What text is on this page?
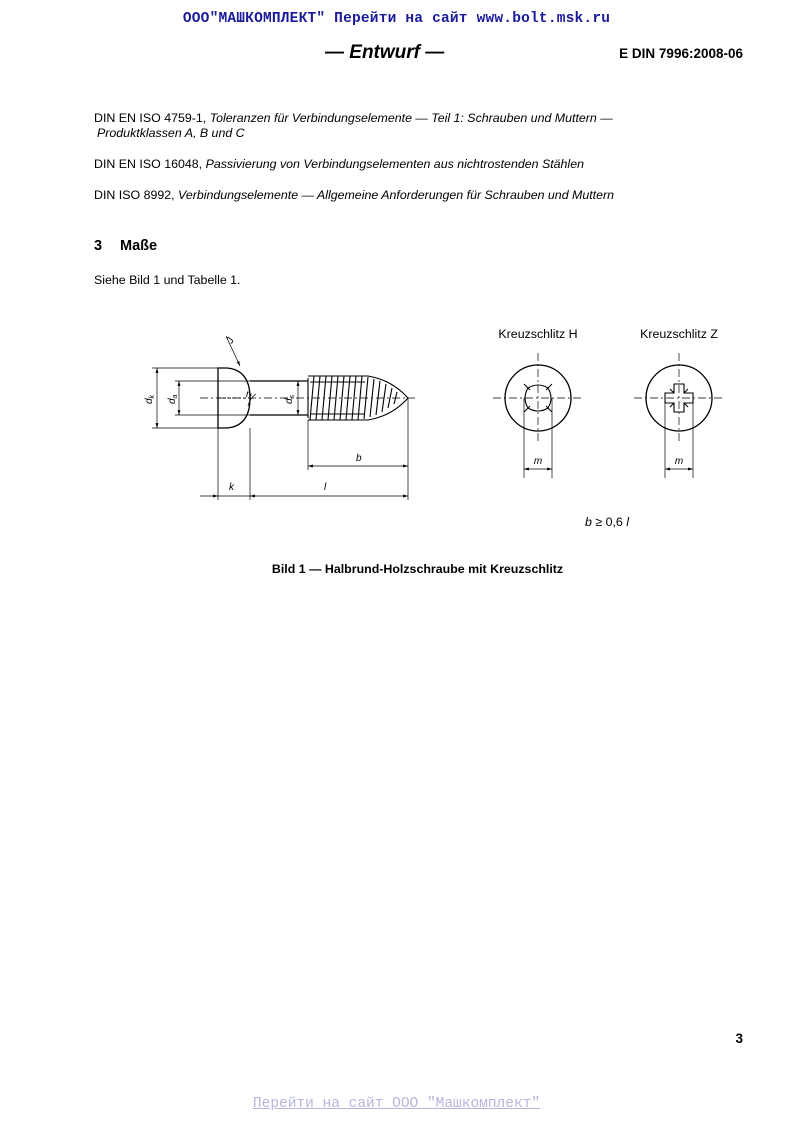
ООО"МАШКОМПЛЕКТ" Перейти на сайт www.bolt.msk.ru
— Entwurf —	E DIN 7996:2008-06

DIN EN ISO 4759-1, Toleranzen für Verbindungselemente — Teil 1: Schrauben und Muttern —
Produktklassen A, B und C

DIN EN ISO 16048, Passivierung von Verbindungselementen aus nichtrostenden Stählen

DIN ISO 8992, Verbindungselemente — Allgemeine Anforderungen für Schrauben und Muttern

3 Maße
Siehe Bild 1 und Tabelle 1.
$d_k$
$d_a$
$d_s$
$r_f$
J
b
k	l
Kreuzschlitz H	Kreuzschlitz Z
m	m
b ≥ 0,6 l
Bild 1 — Halbrund-Holzschraube mit Kreuzschlitz
3
Перейти на сайт ООО "Машкомплект"
